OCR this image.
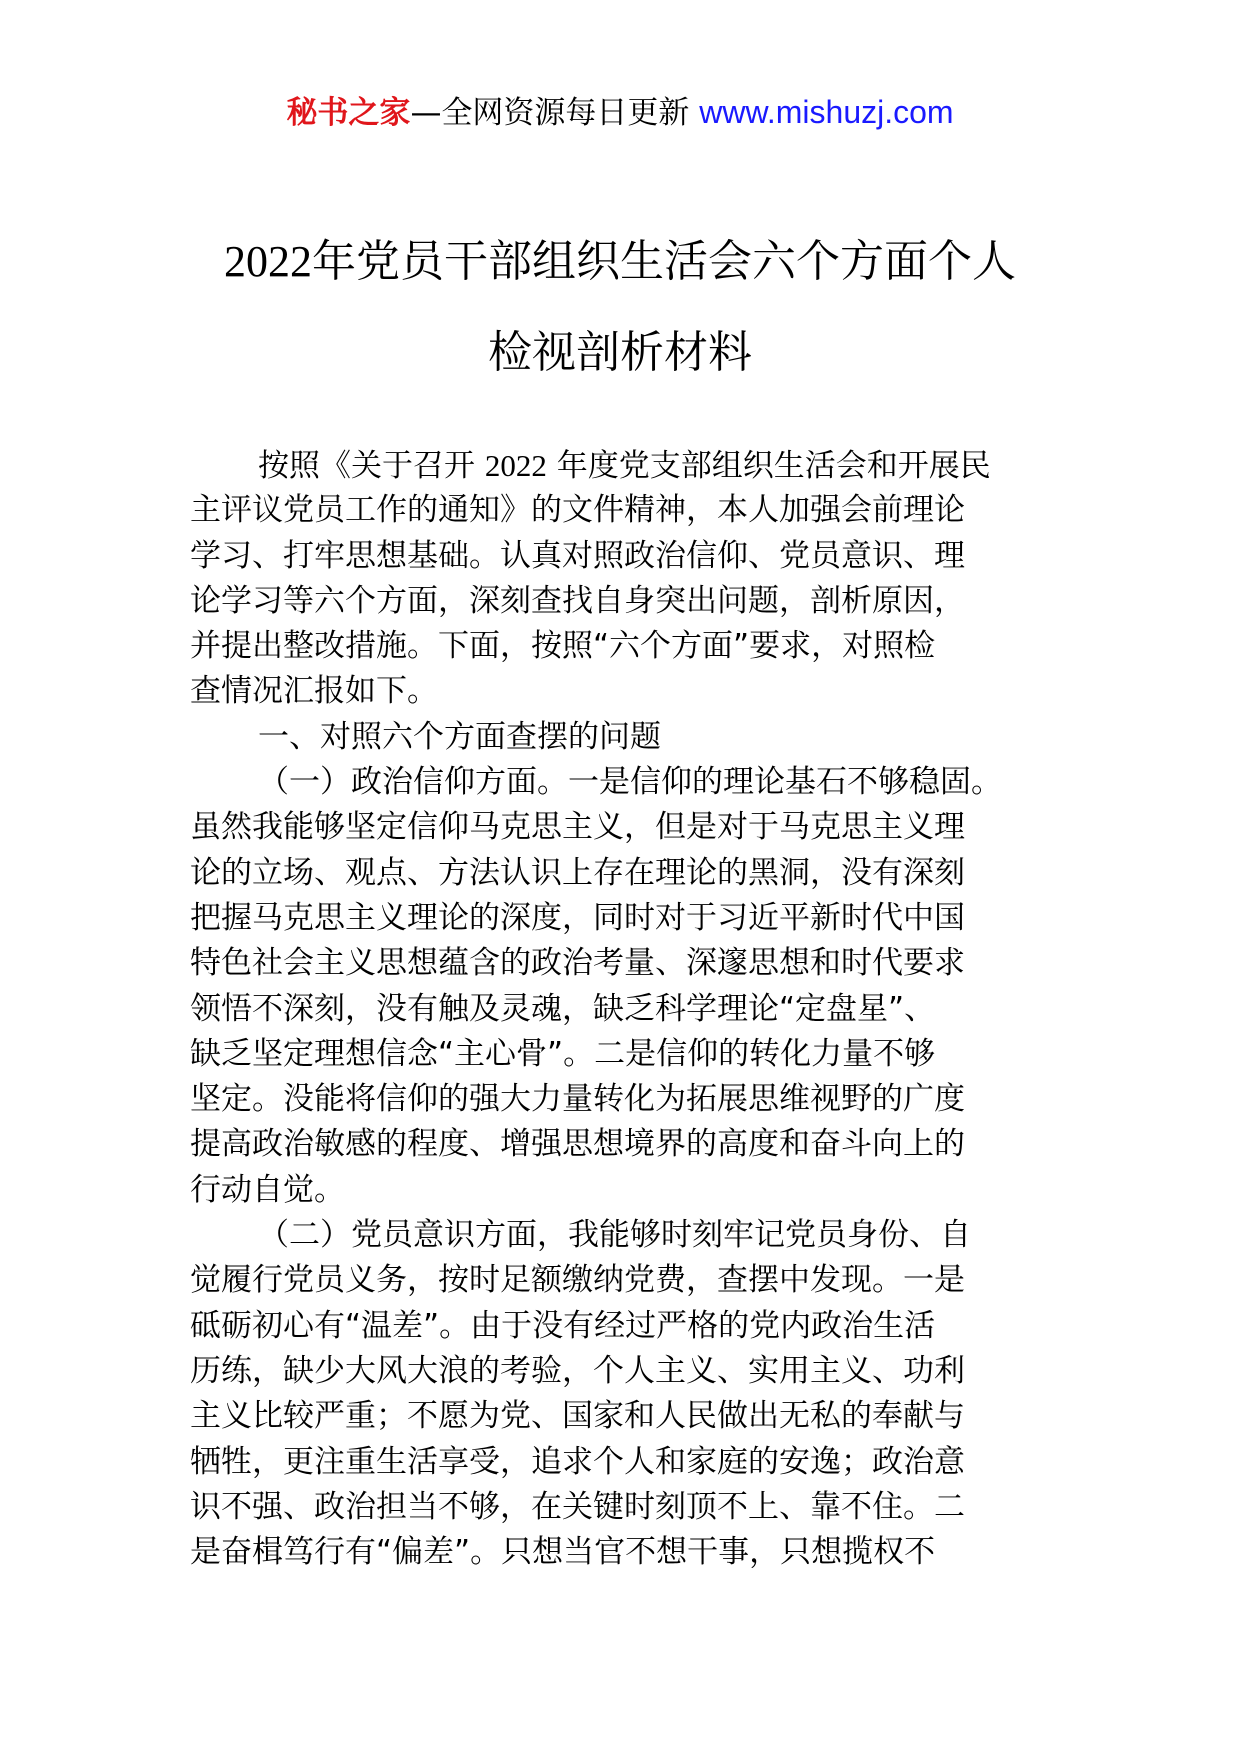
秘书之家—全网资源每日更新 www.mishuzj.com
2022年党员干部组织生活会六个方面个人
检视剖析材料
按照《关于召开 2022 年度党支部组织生活会和开展民
主评议党员工作的通知》的文件精神，本人加强会前理论
学习、打牢思想基础。认真对照政治信仰、党员意识、理
论学习等六个方面，深刻查找自身突出问题，剖析原因，
并提出整改措施。下面，按照“六个方面”要求，对照检
查情况汇报如下。
一、对照六个方面查摆的问题
（一）政治信仰方面。一是信仰的理论基石不够稳固。
虽然我能够坚定信仰马克思主义，但是对于马克思主义理
论的立场、观点、方法认识上存在理论的黑洞，没有深刻
把握马克思主义理论的深度，同时对于习近平新时代中国
特色社会主义思想蕴含的政治考量、深邃思想和时代要求
领悟不深刻，没有触及灵魂，缺乏科学理论“定盘星”、
缺乏坚定理想信念“主心骨”。二是信仰的转化力量不够
坚定。没能将信仰的强大力量转化为拓展思维视野的广度
提高政治敏感的程度、增强思想境界的高度和奋斗向上的
行动自觉。
（二）党员意识方面，我能够时刻牢记党员身份、自
觉履行党员义务，按时足额缴纳党费，查摆中发现。一是
砥砺初心有“温差”。由于没有经过严格的党内政治生活
历练，缺少大风大浪的考验，个人主义、实用主义、功利
主义比较严重；不愿为党、国家和人民做出无私的奉献与
牺牲，更注重生活享受，追求个人和家庭的安逸；政治意
识不强、政治担当不够，在关键时刻顶不上、靠不住。二
是奋楫笃行有“偏差”。只想当官不想干事，只想揽权不
